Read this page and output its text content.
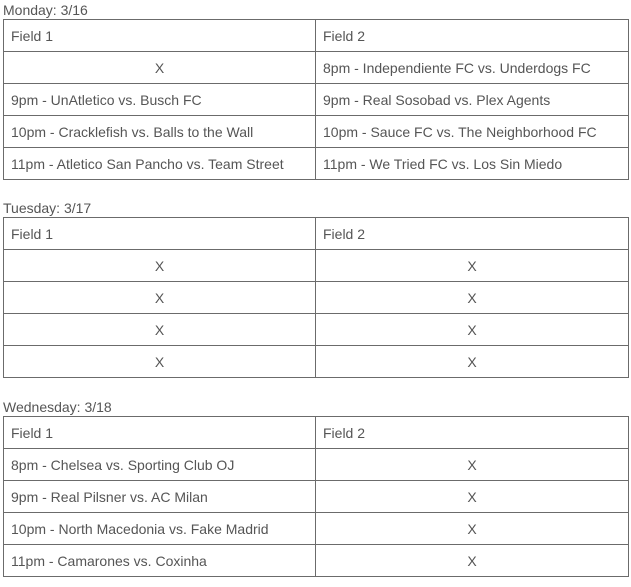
Monday: 3/16
Field 1	Field 2
X	8pm - Independiente FC vs. Underdogs FC
9pm - UnAtletico vs. Busch FC	9pm - Real Sosobad vs. Plex Agents
10pm - Cracklefish vs. Balls to the Wall	10pm - Sauce FC vs. The Neighborhood FC
11pm - Atletico San Pancho vs. Team Street	11pm - We Tried FC vs. Los Sin Miedo
Tuesday: 3/17
Field 1	Field 2
X	X
X	X
X	X
X	X
Wednesday: 3/18
Field 1	Field 2
8pm - Chelsea vs. Sporting Club OJ	X
9pm - Real Pilsner vs. AC Milan	X
10pm - North Macedonia vs. Fake Madrid	X
11pm - Camarones vs. Coxinha	X
